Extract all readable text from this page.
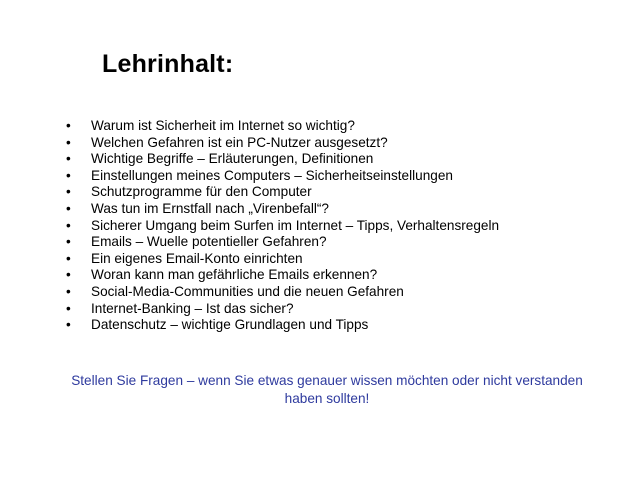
Lehrinhalt:
•	Warum ist Sicherheit im Internet so wichtig?
•	Welchen Gefahren ist ein PC-Nutzer ausgesetzt?
•	Wichtige Begriffe – Erläuterungen, Definitionen
•	Einstellungen meines Computers – Sicherheitseinstellungen
•	Schutzprogramme für den Computer
•	Was tun im Ernstfall nach „Virenbefall“?
•	Sicherer Umgang beim Surfen im Internet – Tipps, Verhaltensregeln
•	Emails – Wuelle potentieller Gefahren?
•	Ein eigenes Email-Konto einrichten
•	Woran kann man gefährliche Emails erkennen?
•	Social-Media-Communities und die neuen Gefahren
•	Internet-Banking – Ist das sicher?
•	Datenschutz – wichtige Grundlagen und Tipps

Stellen Sie Fragen – wenn Sie etwas genauer wissen möchten oder nicht verstanden haben sollten!
